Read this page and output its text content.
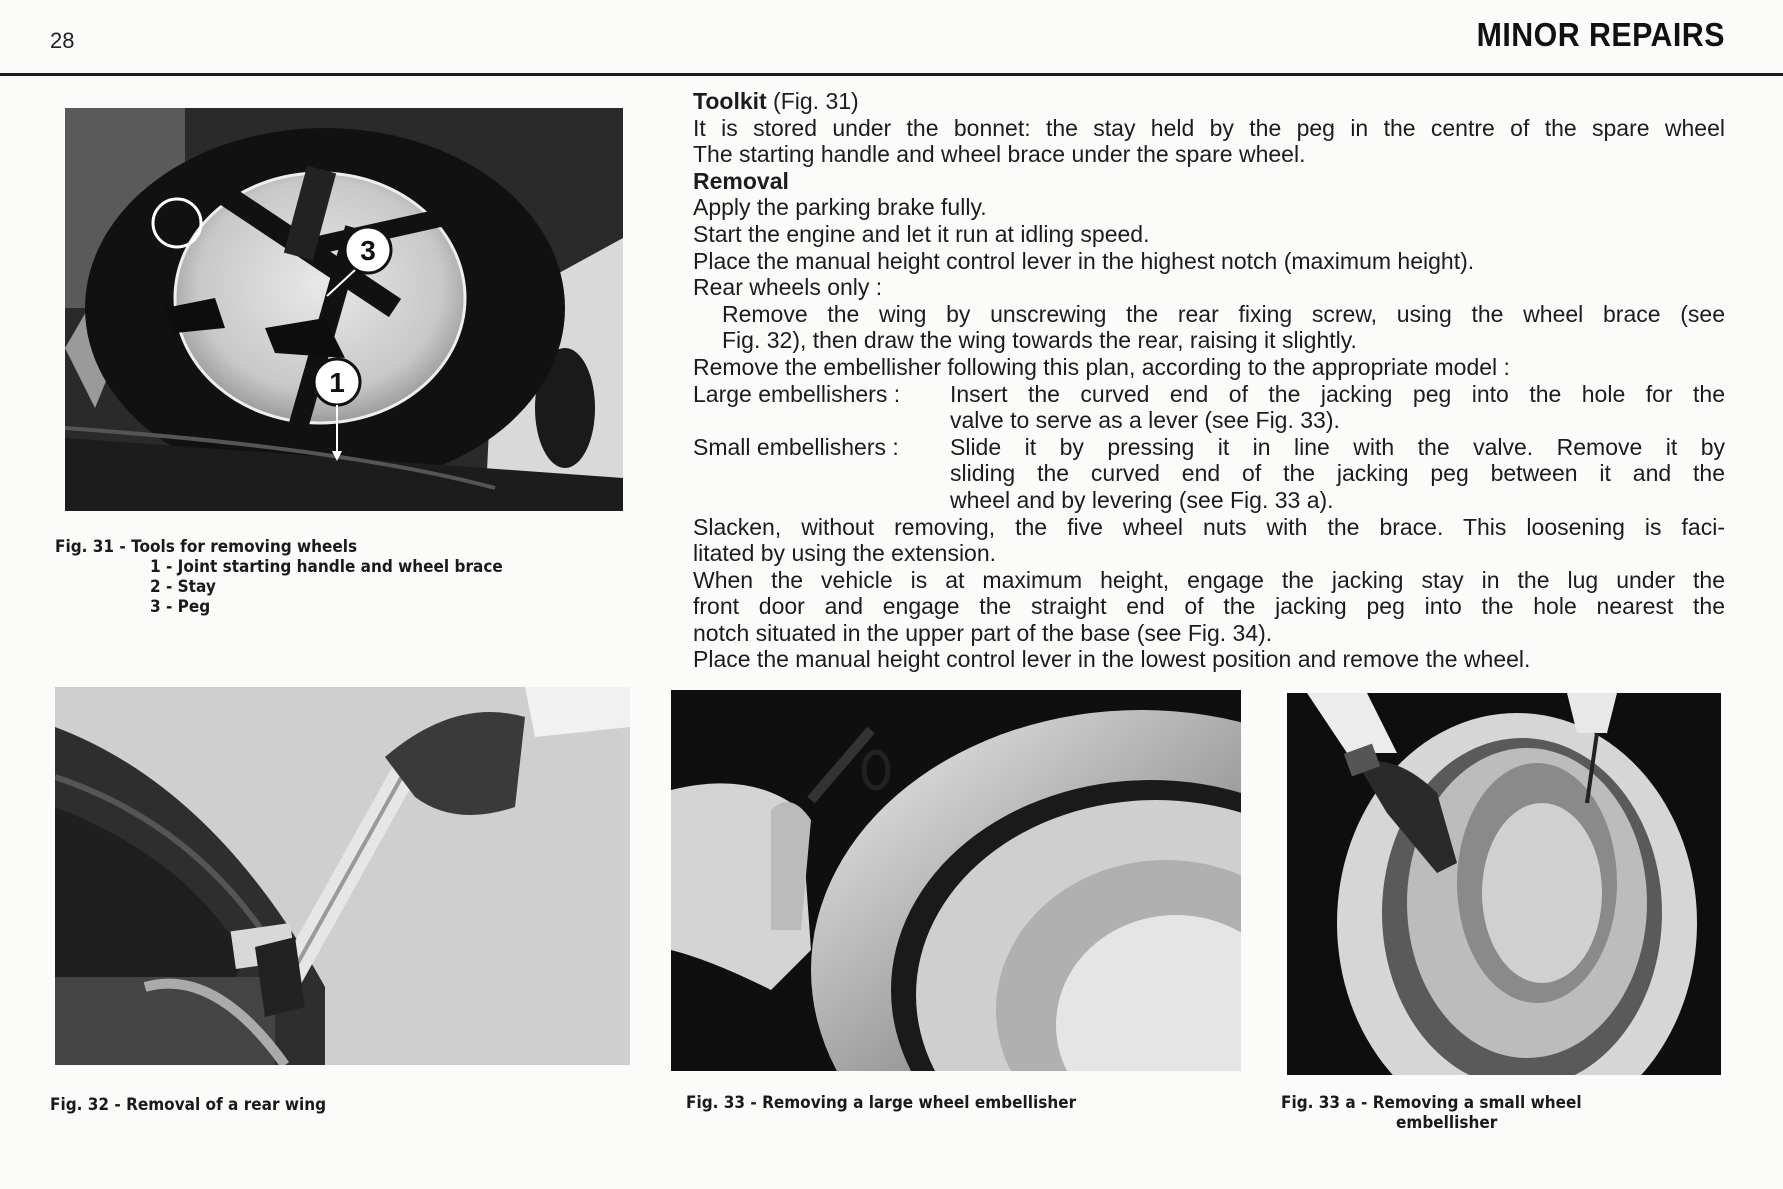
28	MINOR REPAIRS
2
3
1
Fig. 31 - Tools for removing wheels
1 - Joint starting handle and wheel brace
2 - Stay
3 - Peg
Toolkit (Fig. 31)
It is stored under the bonnet: the stay held by the peg in the centre of the spare wheel
The starting handle and wheel brace under the spare wheel.
Removal
Apply the parking brake fully.
Start the engine and let it run at idling speed.
Place the manual height control lever in the highest notch (maximum height).
Rear wheels only :
Remove the wing by unscrewing the rear fixing screw, using the wheel brace (see
Fig. 32), then draw the wing towards the rear, raising it slightly.
Remove the embellisher following this plan, according to the appropriate model :
Large embellishers :	Insert the curved end of the jacking peg into the hole for the
valve to serve as a lever (see Fig. 33).
Small embellishers :	Slide it by pressing it in line with the valve. Remove it by
sliding the curved end of the jacking peg between it and the
wheel and by levering (see Fig. 33 a).
Slacken, without removing, the five wheel nuts with the brace. This loosening is faci-
litated by using the extension.
When the vehicle is at maximum height, engage the jacking stay in the lug under the
front door and engage the straight end of the jacking peg into the hole nearest the
notch situated in the upper part of the base (see Fig. 34).
Place the manual height control lever in the lowest position and remove the wheel.
Fig. 32 - Removal of a rear wing	Fig. 33 - Removing a large wheel embellisher	Fig. 33 a - Removing a small wheel
embellisher
